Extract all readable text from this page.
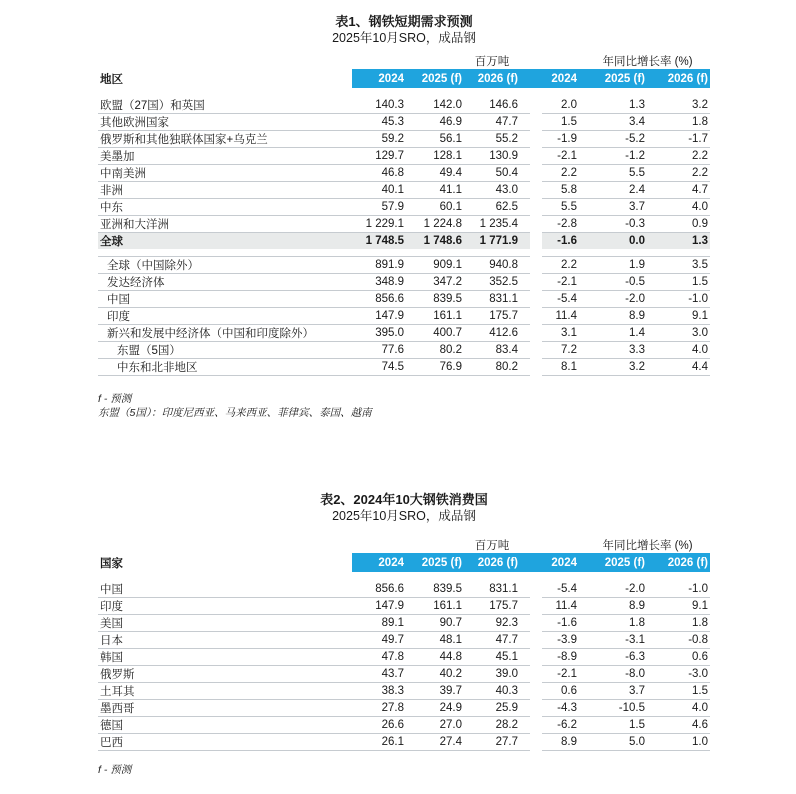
表1、钢铁短期需求预测
2025年10月SRO，成品钢
	百万吨				年同比增长率 (%)		
地区	2024	2025 (f)	2026 (f)		2024	2025 (f)	2026 (f)

欧盟（27国）和英国	140.3	142.0	146.6		2.0	1.3	3.2
其他欧洲国家	45.3	46.9	47.7		1.5	3.4	1.8
俄罗斯和其他独联体国家+乌克兰	59.2	56.1	55.2		-1.9	-5.2	-1.7
美墨加	129.7	128.1	130.9		-2.1	-1.2	2.2
中南美洲	46.8	49.4	50.4		2.2	5.5	2.2
非洲	40.1	41.1	43.0		5.8	2.4	4.7
中东	57.9	60.1	62.5		5.5	3.7	4.0
亚洲和大洋洲	1 229.1	1 224.8	1 235.4		-2.8	-0.3	0.9
全球	1 748.5	1 748.6	1 771.9		-1.6	0.0	1.3

全球（中国除外）	891.9	909.1	940.8		2.2	1.9	3.5
发达经济体	348.9	347.2	352.5		-2.1	-0.5	1.5
中国	856.6	839.5	831.1		-5.4	-2.0	-1.0
印度	147.9	161.1	175.7		11.4	8.9	9.1
新兴和发展中经济体（中国和印度除外）	395.0	400.7	412.6		3.1	1.4	3.0
东盟（5国）	77.6	80.2	83.4		7.2	3.3	4.0
中东和北非地区	74.5	76.9	80.2		8.1	3.2	4.4
f - 预测
东盟（5国）：印度尼西亚、马来西亚、菲律宾、泰国、越南
表2、2024年10大钢铁消费国
2025年10月SRO，成品钢
	百万吨				年同比增长率 (%)		
国家	2024	2025 (f)	2026 (f)		2024	2025 (f)	2026 (f)

中国	856.6	839.5	831.1		-5.4	-2.0	-1.0
印度	147.9	161.1	175.7		11.4	8.9	9.1
美国	89.1	90.7	92.3		-1.6	1.8	1.8
日本	49.7	48.1	47.7		-3.9	-3.1	-0.8
韩国	47.8	44.8	45.1		-8.9	-6.3	0.6
俄罗斯	43.7	40.2	39.0		-2.1	-8.0	-3.0
土耳其	38.3	39.7	40.3		0.6	3.7	1.5
墨西哥	27.8	24.9	25.9		-4.3	-10.5	4.0
德国	26.6	27.0	28.2		-6.2	1.5	4.6
巴西	26.1	27.4	27.7		8.9	5.0	1.0
f - 预测
